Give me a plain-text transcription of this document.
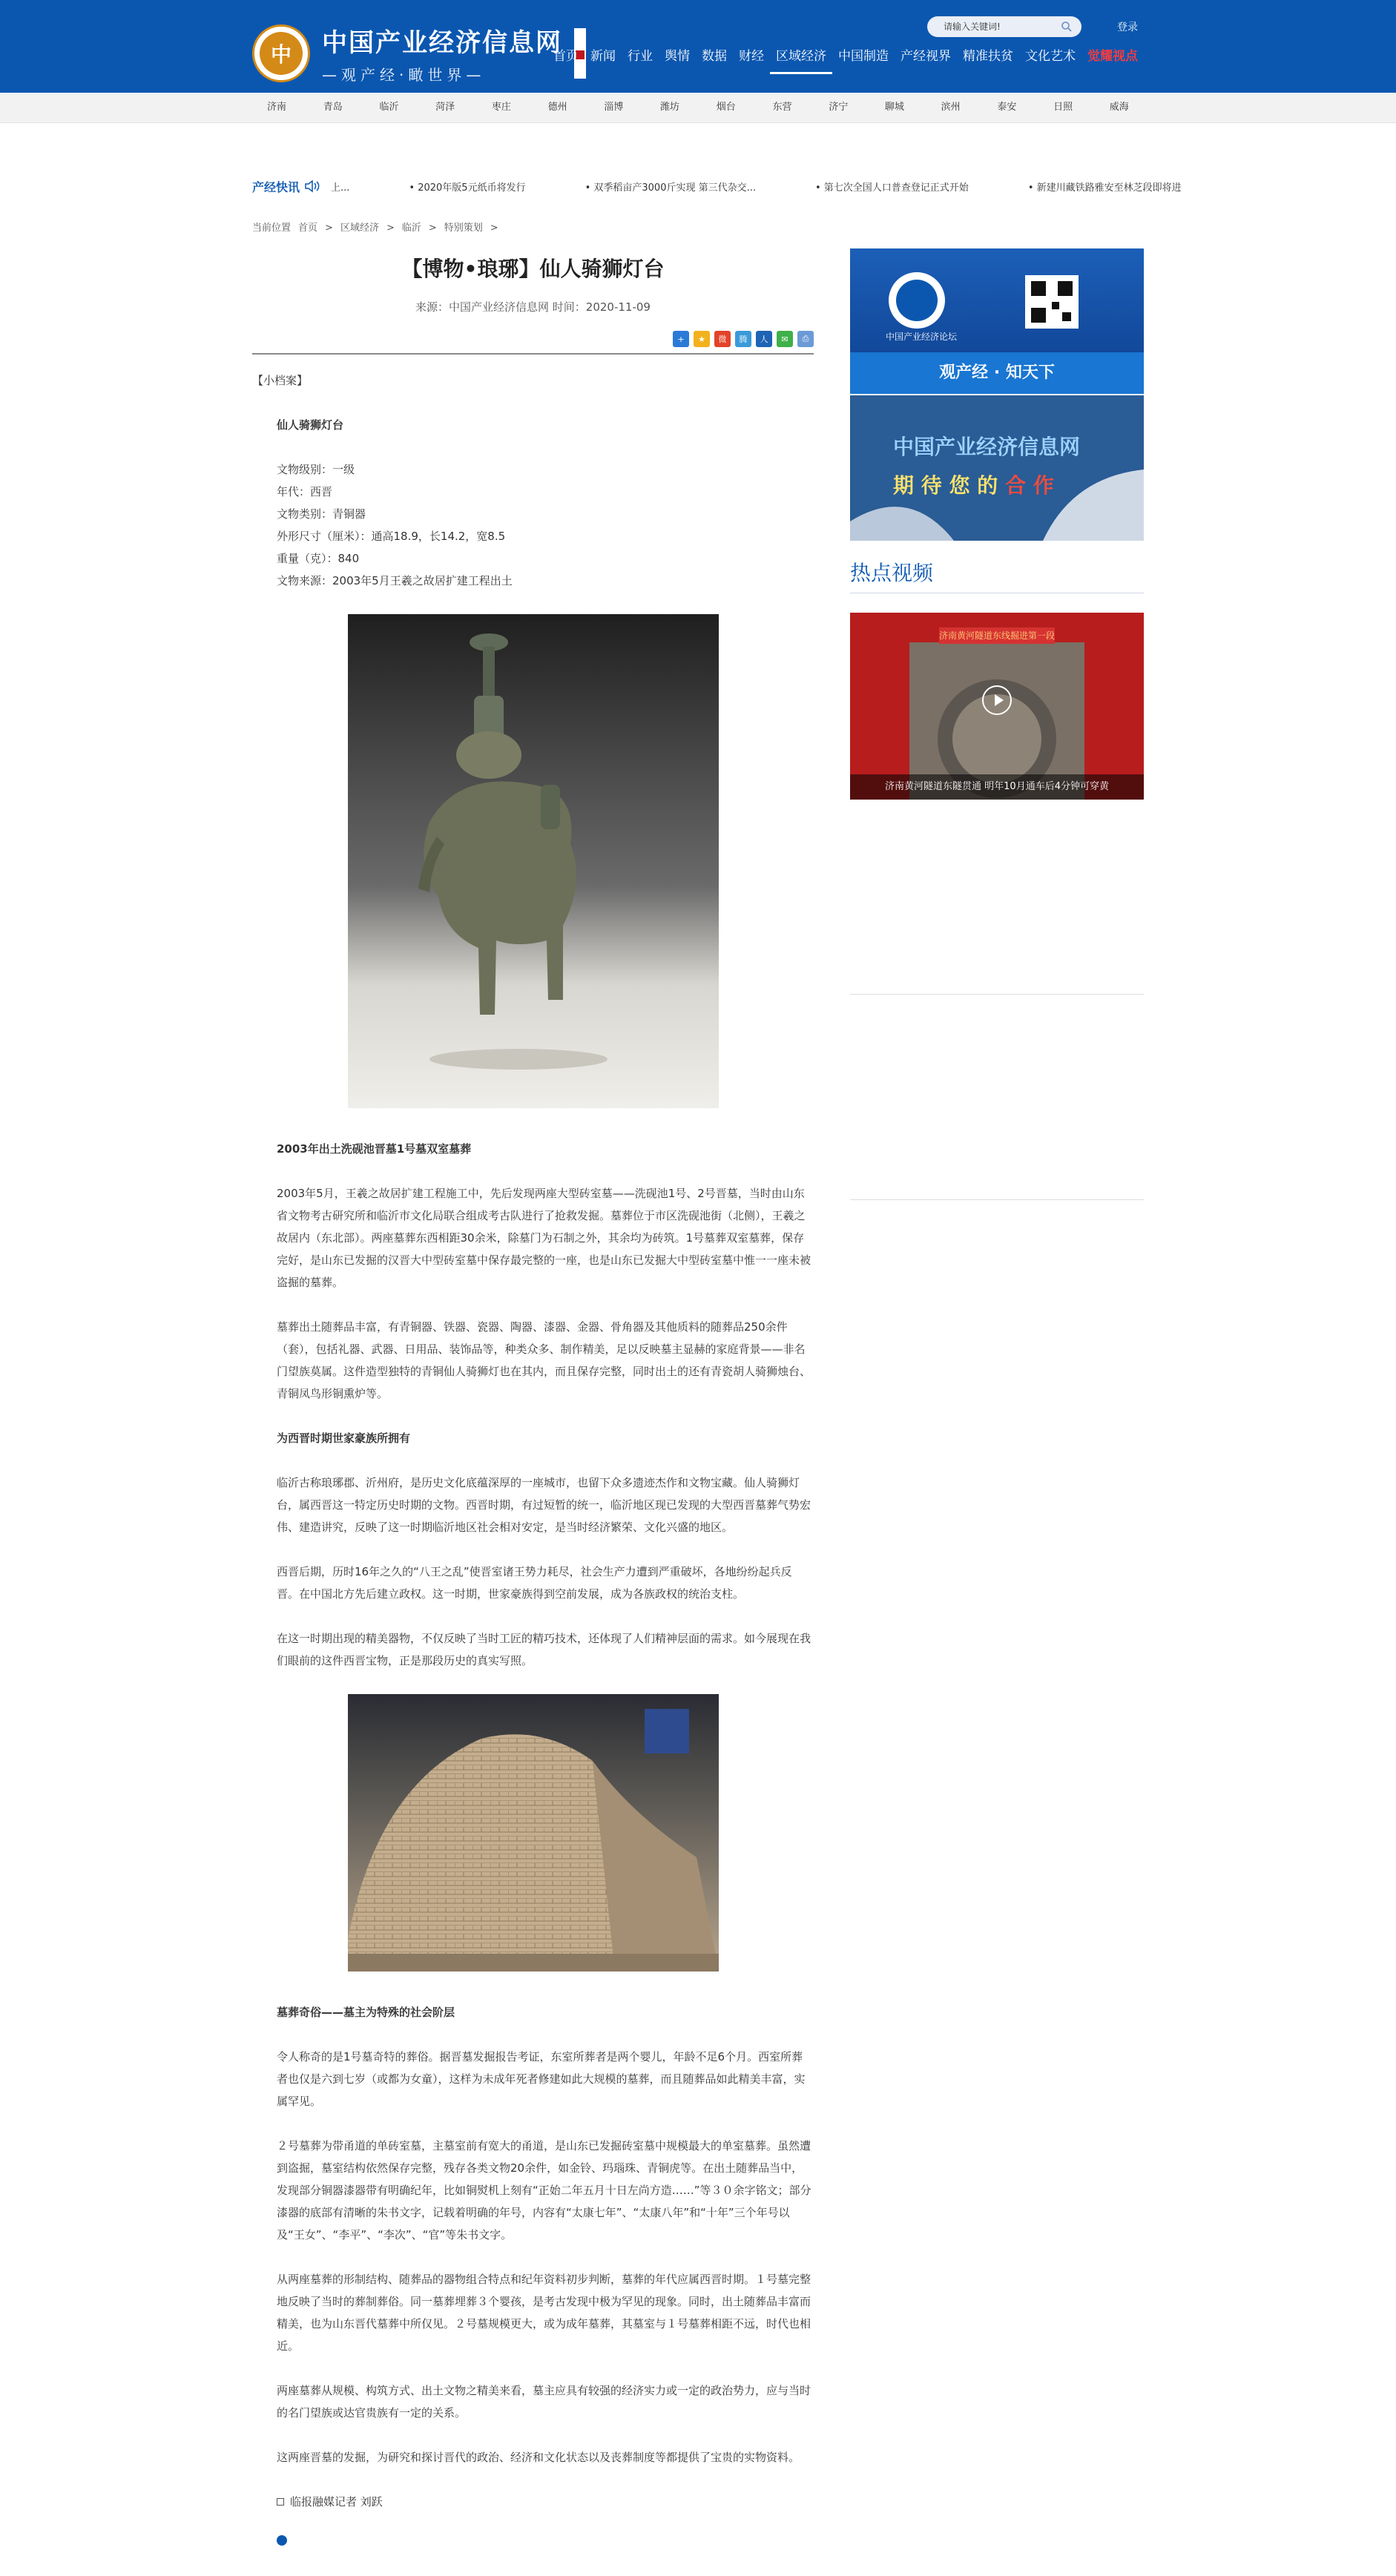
中	中国产业经济信息网
—观产经·瞰世界—
请输入关键词!
登录
首页 新闻 行业 舆情 数据 财经 区域经济 中国制造 产经视界 精准扶贫 文化艺术 觉耀视点
济南	青岛	临沂	菏泽	枣庄	德州	淄博	潍坊	烟台	东营	济宁	聊城	滨州	泰安	日照	威海
产经快讯	上...	• 2020年版5元纸币将发行	• 双季稻亩产3000斤实现 第三代杂交...	• 第七次全国人口普查登记正式开始	• 新建川藏铁路雅安至林芝段即将进
当前位置 首页 > 区域经济 > 临沂 > 特别策划 >
【博物•琅琊】仙人骑狮灯台
来源：中国产业经济信息网 时间：2020-11-09
+	★	微	腾	人	✉	⎙

【小档案】

仙人骑狮灯台

文物级别：一级
年代：西晋
文物类别：青铜器
外形尺寸（厘米）：通高18.9，长14.2，宽8.5
重量（克）：840
文物来源：2003年5月王羲之故居扩建工程出土

2003年出土洗砚池晋墓1号墓双室墓葬

2003年5月，王羲之故居扩建工程施工中，先后发现两座大型砖室墓——洗砚池1号、2号晋墓，当时由山东省文物考古研究所和临沂市文化局联合组成考古队进行了抢救发掘。墓葬位于市区洗砚池街（北侧），王羲之故居内（东北部）。两座墓葬东西相距30余米，除墓门为石制之外，其余均为砖筑。1号墓葬双室墓葬，保存完好，是山东已发掘的汉晋大中型砖室墓中保存最完整的一座，也是山东已发掘大中型砖室墓中惟一一座未被盗掘的墓葬。

墓葬出土随葬品丰富，有青铜器、铁器、瓷器、陶器、漆器、金器、骨角器及其他质料的随葬品250余件（套），包括礼器、武器、日用品、装饰品等，种类众多、制作精美，足以反映墓主显赫的家庭背景——非名门望族莫属。这件造型独特的青铜仙人骑狮灯也在其内，而且保存完整，同时出土的还有青瓷胡人骑狮烛台、青铜凤鸟形铜熏炉等。

为西晋时期世家豪族所拥有

临沂古称琅琊郡、沂州府，是历史文化底蕴深厚的一座城市，也留下众多遗迹杰作和文物宝藏。仙人骑狮灯台，属西晋这一特定历史时期的文物。西晋时期，有过短暂的统一，临沂地区现已发现的大型西晋墓葬气势宏伟、建造讲究，反映了这一时期临沂地区社会相对安定，是当时经济繁荣、文化兴盛的地区。

西晋后期，历时16年之久的“八王之乱”使晋室诸王势力耗尽，社会生产力遭到严重破坏，各地纷纷起兵反晋。在中国北方先后建立政权。这一时期，世家豪族得到空前发展，成为各族政权的统治支柱。

在这一时期出现的精美器物，不仅反映了当时工匠的精巧技术，还体现了人们精神层面的需求。如今展现在我们眼前的这件西晋宝物，正是那段历史的真实写照。

墓葬奇俗——墓主为特殊的社会阶层

令人称奇的是1号墓奇特的葬俗。据晋墓发掘报告考证，东室所葬者是两个婴儿，年龄不足6个月。西室所葬者也仅是六到七岁（或都为女童），这样为未成年死者修建如此大规模的墓葬，而且随葬品如此精美丰富，实属罕见。

２号墓葬为带甬道的单砖室墓，主墓室前有宽大的甬道，是山东已发掘砖室墓中规模最大的单室墓葬。虽然遭到盗掘，墓室结构依然保存完整，残存各类文物20余件，如金铃、玛瑙珠、青铜虎等。在出土随葬品当中，发现部分铜器漆器带有明确纪年，比如铜熨机上刻有“正始二年五月十日左尚方造……”等３０余字铭文；部分漆器的底部有清晰的朱书文字，记载着明确的年号，内容有“太康七年”、“太康八年”和“十年”三个年号以及“王女”、“李平”、“李次”、“官”等朱书文字。

从两座墓葬的形制结构、随葬品的器物组合特点和纪年资料初步判断，墓葬的年代应属西晋时期。１号墓完整地反映了当时的葬制葬俗。同一墓葬埋葬３个婴孩，是考古发现中极为罕见的现象。同时，出土随葬品丰富而精美，也为山东晋代墓葬中所仅见。２号墓规模更大，或为成年墓葬，其墓室与１号墓葬相距不远，时代也相近。

两座墓葬从规模、构筑方式、出土文物之精美来看，墓主应具有较强的经济实力或一定的政治势力，应与当时的名门望族或达官贵族有一定的关系。

这两座晋墓的发掘，为研究和探讨晋代的政治、经济和文化状态以及丧葬制度等都提供了宝贵的实物资料。

临报融媒记者 刘跃
中国产业经济论坛
观产经 · 知天下
中国产业经济信息网
期 待 您 的 合 作
热点视频
济南黄河隧道东线掘进第一段
济南黄河隧道东隧贯通 明年10月通车后4分钟可穿黄
